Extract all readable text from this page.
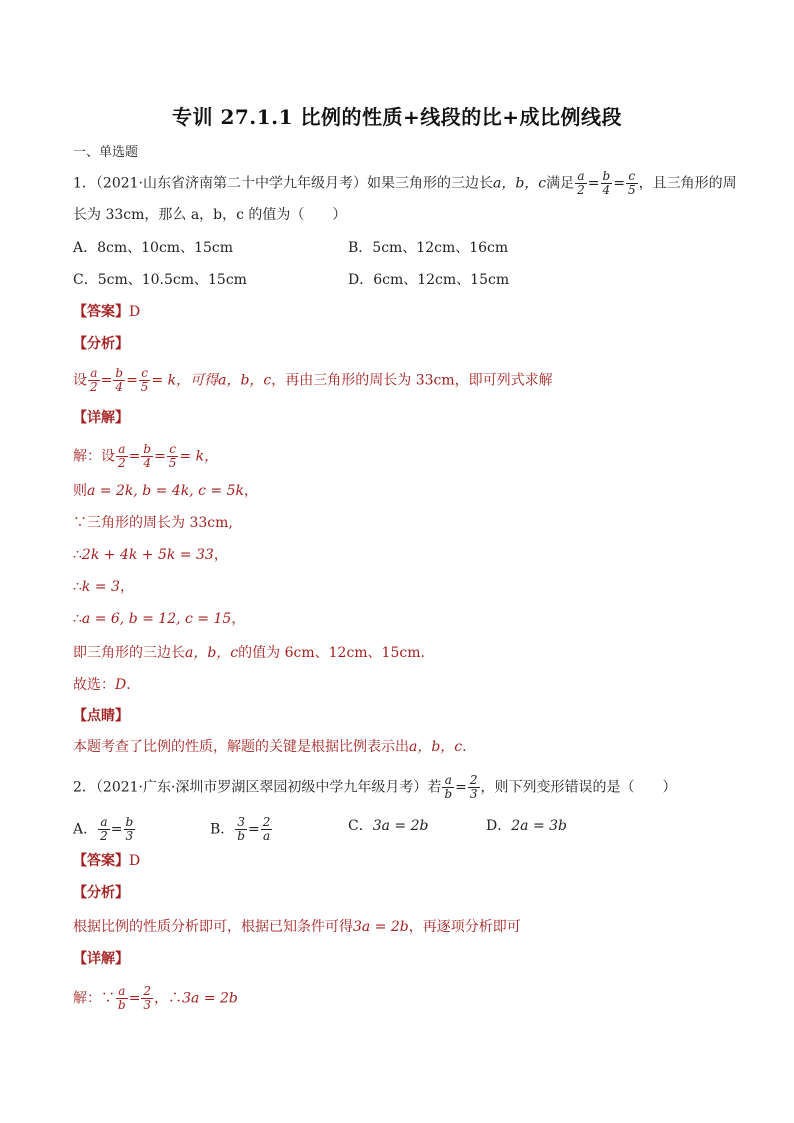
专训 27.1.1 比例的性质+线段的比+成比例线段
一、单选题
1．（2021·山东省济南第二十中学九年级月考）如果三角形的三边长a，b，c满足 $\frac{a}{2} = \frac{b}{4} = \frac{c}{5}$ ，且三角形的周
长为 33cm，那么 a，b，c 的值为（　　）
A．8cm、10cm、15cm	B．5cm、12cm、16cm
C．5cm、10.5cm、15cm	D．6cm、12cm、15cm
【答案】D
【分析】
设 $\frac{a}{2} = \frac{b}{4} = \frac{c}{5} = k$，可得a，b，c，再由三角形的周长为 33cm，即可列式求解
【详解】
解：设 $\frac{a}{2} = \frac{b}{4} = \frac{c}{5} = k$，
则a = 2k, b = 4k, c = 5k，
∵三角形的周长为 33cm,
∴2k + 4k + 5k = 33，
∴k = 3，
∴a = 6, b = 12, c = 15，
即三角形的三边长a，b，c的值为 6cm、12cm、15cm.
故选：D.
【点睛】
本题考查了比例的性质，解题的关键是根据比例表示出a，b，c.
2．（2021·广东·深圳市罗湖区翠园初级中学九年级月考）若 $\frac{a}{b} = \frac{2}{3}$ ，则下列变形错误的是（　　）
A． $\frac{a}{2} = \frac{b}{3}$	B． $\frac{3}{b} = \frac{2}{a}$	C．3a = 2b	D．2a = 3b
【答案】D
【分析】
根据比例的性质分析即可，根据已知条件可得3a = 2b，再逐项分析即可
【详解】
解：∵ $\frac{a}{b} = \frac{2}{3}$ ，∴3a = 2b
